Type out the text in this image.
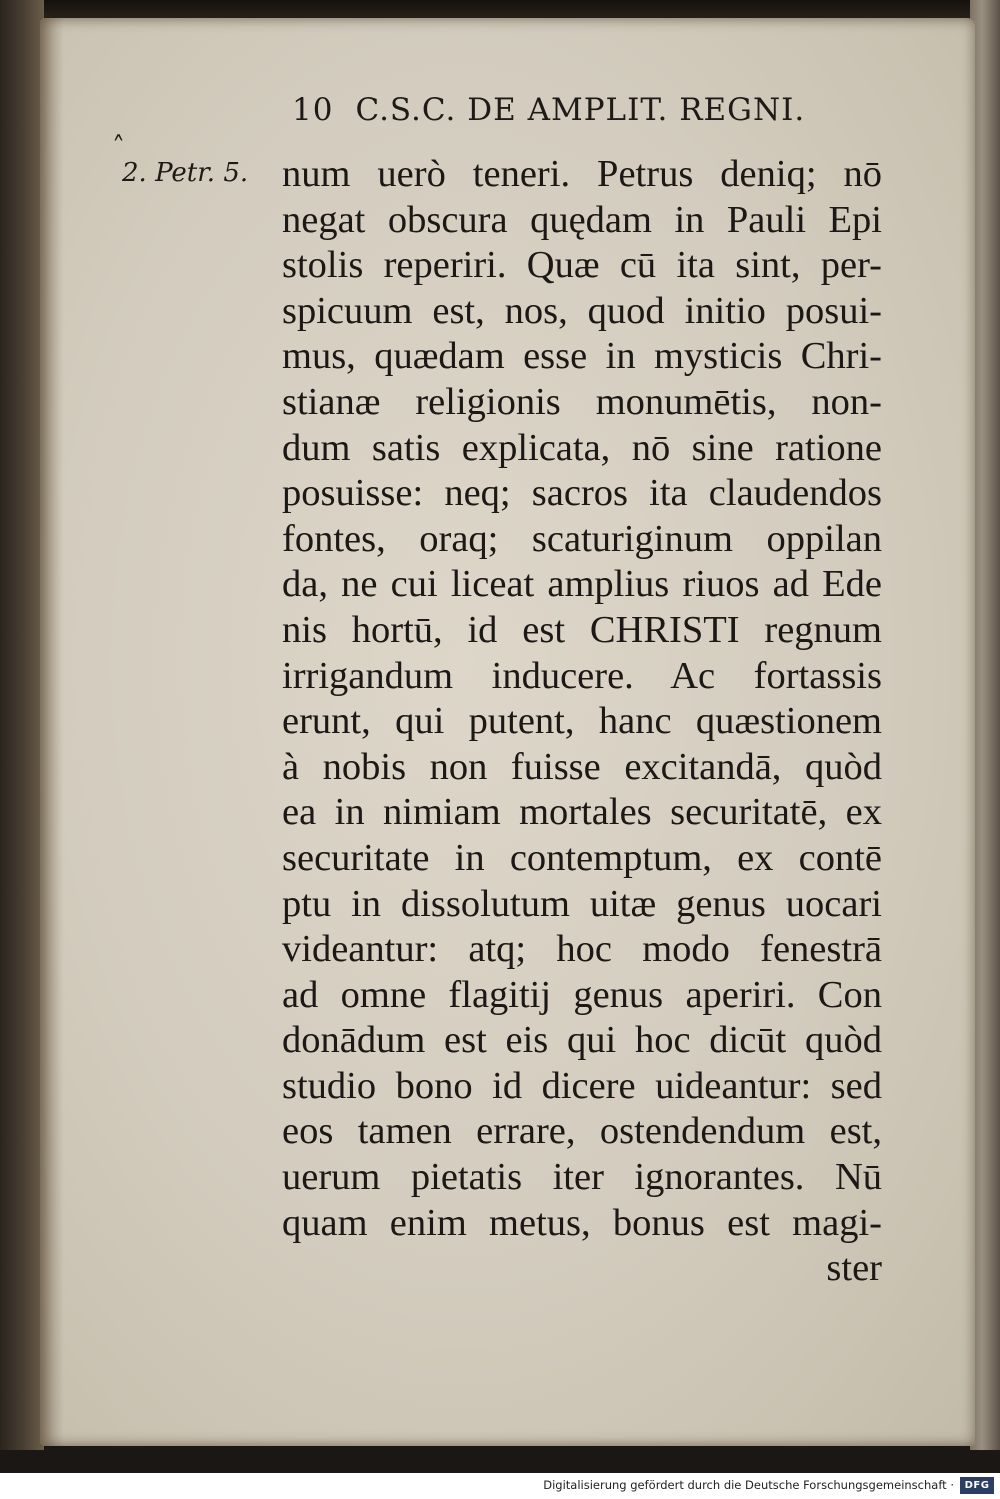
10 C.S.C. DE AMPLIT. REGNI.
˄
2. Petr. 5. num uerò teneri. Petrus deniq; nō
negat obscura quędam in Pauli Epi
stolis reperiri. Quæ cū ita sint, per-
spicuum est, nos, quod initio posui-
mus, quædam esse in mysticis Chri-
stianæ religionis monumētis, non-
dum satis explicata, nō sine ratione
posuisse: neq; sacros ita claudendos
fontes, oraq; scaturiginum oppilan
da, ne cui liceat amplius riuos ad Ede
nis hortū, id est CHRISTI regnum
irrigandum inducere. Ac fortassis
erunt, qui putent, hanc quæstionem
à nobis non fuisse excitandā, quòd
ea in nimiam mortales securitatē, ex
securitate in contemptum, ex contē
ptu in dissolutum uitæ genus uocari
videantur: atq; hoc modo fenestrā
ad omne flagitij genus aperiri. Con
donādum est eis qui hoc dicūt quòd
studio bono id dicere uideantur: sed
eos tamen errare, ostendendum est,
uerum pietatis iter ignorantes. Nū
quam enim metus, bonus est magi-
ster
Digitalisierung gefördert durch die Deutsche Forschungsgemeinschaft ·	DFG
